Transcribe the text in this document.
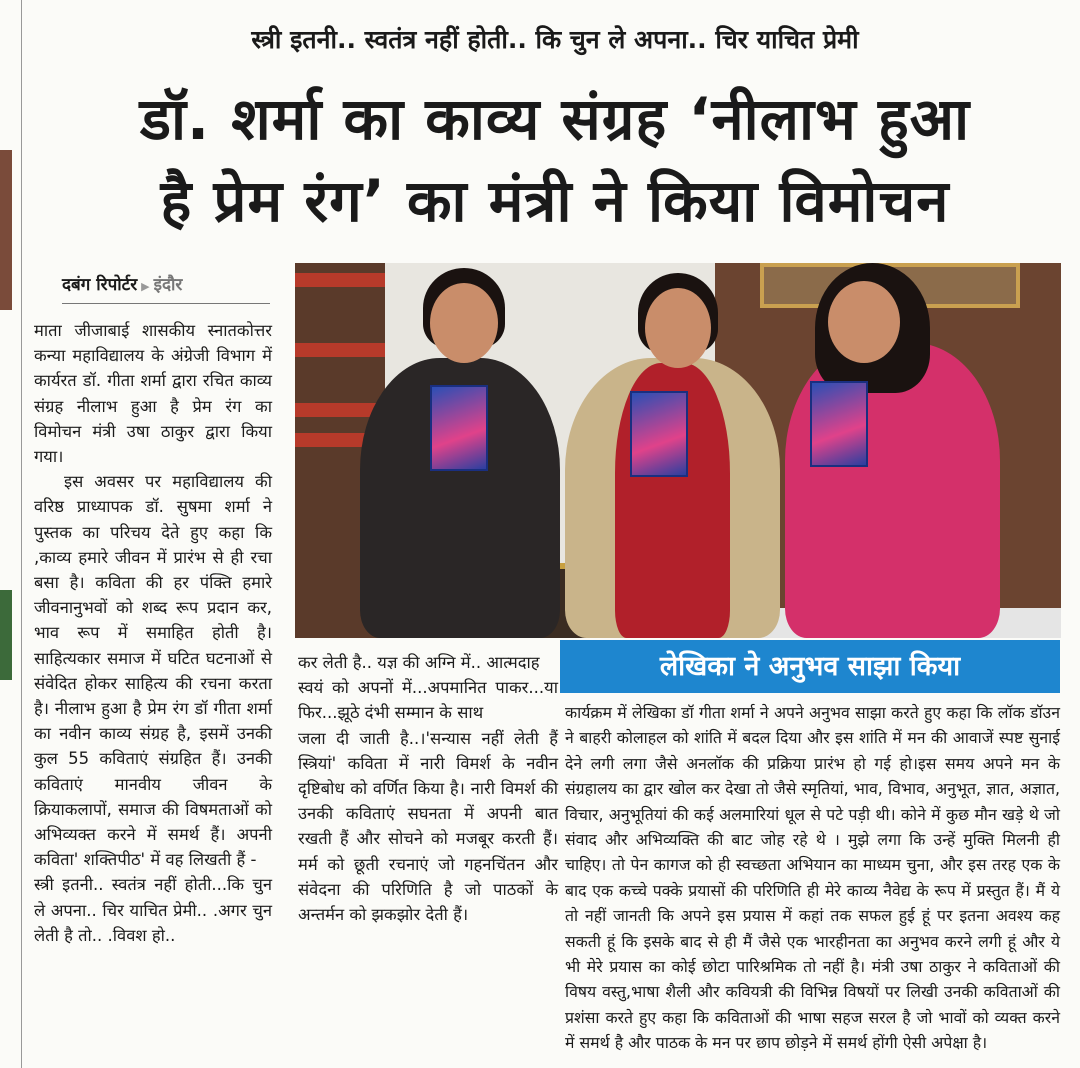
स्त्री इतनी.. स्वतंत्र नहीं होती.. कि चुन ले अपना.. चिर याचित प्रेमी
डॉ. शर्मा का काव्य संग्रह ‘नीलाभ हुआ
है प्रेम रंग’ का मंत्री ने किया विमोचन
दबंग रिपोर्टर ▶ इंदौर

माता जीजाबाई शासकीय स्नातकोत्तर कन्या महाविद्यालय के अंग्रेजी विभाग में कार्यरत डॉ. गीता शर्मा द्वारा रचित काव्य संग्रह नीलाभ हुआ है प्रेम रंग का विमोचन मंत्री उषा ठाकुर द्वारा किया गया।

इस अवसर पर महाविद्यालय की वरिष्ठ प्राध्यापक डॉ. सुषमा शर्मा ने पुस्तक का परिचय देते हुए कहा कि ,काव्य हमारे जीवन में प्रारंभ से ही रचा बसा है। कविता की हर पंक्ति हमारे जीवनानुभवों को शब्द रूप प्रदान कर, भाव रूप में समाहित होती है। साहित्यकार समाज में घटित घटनाओं से संवेदित होकर साहित्य की रचना करता है। नीलाभ हुआ है प्रेम रंग डॉ गीता शर्मा का नवीन काव्य संग्रह है, इसमें उनकी कुल 55 कविताएं संग्रहित हैं। उनकी कविताएं मानवीय जीवन के क्रियाकलापों, समाज की विषमताओं को अभिव्यक्त करने में समर्थ हैं। अपनी कविता' शक्तिपीठ' में वह लिखती हैं -

स्त्री इतनी.. स्वतंत्र नहीं होती...कि चुन ले अपना.. चिर याचित प्रेमी.. .अगर चुन लेती है तो.. .विवश हो..

कर लेती है.. यज्ञ की अग्नि में.. आत्मदाह

स्वयं को अपनों में...अपमानित पाकर...या फिर...झूठे दंभी सम्मान के साथ

जला दी जाती है..।'सन्यास नहीं लेती हैं स्त्रियां' कविता में नारी विमर्श के नवीन दृष्टिबोध को वर्णित किया है। नारी विमर्श की उनकी कविताएं सघनता में अपनी बात रखती हैं और सोचने को मजबूर करती हैं। मर्म को छूती रचनाएं जो गहनचिंतन और संवेदना की परिणिति है जो पाठकों के अन्तर्मन को झकझोर देती हैं।

लेखिका ने अनुभव साझा किया

कार्यक्रम में लेखिका डॉ गीता शर्मा ने अपने अनुभव साझा करते हुए कहा कि लॉक डॉउन ने बाहरी कोलाहल को शांति में बदल दिया और इस शांति में मन की आवाजें स्पष्ट सुनाई देने लगी लगा जैसे अनलॉक की प्रक्रिया प्रारंभ हो गई हो।इस समय अपने मन के संग्रहालय का द्वार खोल कर देखा तो जैसे स्मृतियां, भाव, विभाव, अनुभूत, ज्ञात, अज्ञात, विचार, अनुभूतियां की कई अलमारियां धूल से पटे पड़ी थी। कोने में कुछ मौन खड़े थे जो संवाद और अभिव्यक्ति की बाट जोह रहे थे । मुझे लगा कि उन्हें मुक्ति मिलनी ही चाहिए। तो पेन कागज को ही स्वच्छता अभियान का माध्यम चुना, और इस तरह एक के बाद एक कच्चे पक्के प्रयासों की परिणिति ही मेरे काव्य नैवेद्य के रूप में प्रस्तुत हैं। मैं ये तो नहीं जानती कि अपने इस प्रयास में कहां तक सफल हुई हूं पर इतना अवश्य कह सकती हूं कि इसके बाद से ही मैं जैसे एक भारहीनता का अनुभव करने लगी हूं और ये भी मेरे प्रयास का कोई छोटा पारिश्रमिक तो नहीं है। मंत्री उषा ठाकुर ने कविताओं की विषय वस्तु,भाषा शैली और कवियत्री की विभिन्न विषयों पर लिखी उनकी कविताओं की प्रशंसा करते हुए कहा कि कविताओं की भाषा सहज सरल है जो भावों को व्यक्त करने में समर्थ है और पाठक के मन पर छाप छोड़ने में समर्थ होंगी ऐसी अपेक्षा है।
